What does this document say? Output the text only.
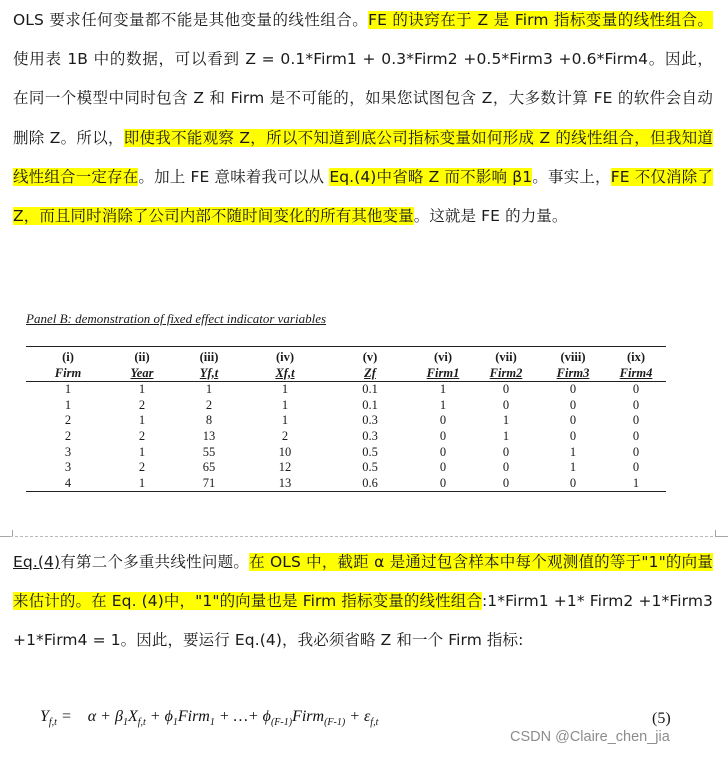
OLS 要求任何变量都不能是其他变量的线性组合。FE 的诀窍在于 Z 是 Firm 指标变量的线性组合。使用表 1B 中的数据，可以看到 Z = 0.1*Firm1 + 0.3*Firm2 +0.5*Firm3 +0.6*Firm4。因此，在同一个模型中同时包含 Z 和 Firm 是不可能的，如果您试图包含 Z，大多数计算 FE 的软件会自动删除 Z。所以，即使我不能观察 Z，所以不知道到底公司指标变量如何形成 Z 的线性组合，但我知道线性组合一定存在。加上 FE 意味着我可以从 Eq.(4)中省略 Z 而不影响 β1。事实上，FE 不仅消除了 Z，而且同时消除了公司内部不随时间变化的所有其他变量。这就是 FE 的力量。

Panel B: demonstration of fixed effect indicator variables
(i)	(ii)	(iii)	(iv)	(v)	(vi)	(vii)	(viii)	(ix)
Firm	Year	Yf,t	Xf,t	Zf	Firm1	Firm2	Firm3	Firm4
1	1	1	1	0.1	1	0	0	0
1	2	2	1	0.1	1	0	0	0
2	1	8	1	0.3	0	1	0	0
2	2	13	2	0.3	0	1	0	0
3	1	55	10	0.5	0	0	1	0
3	2	65	12	0.5	0	0	1	0
4	1	71	13	0.6	0	0	0	1

Eq.(4)有第二个多重共线性问题。在 OLS 中，截距 α 是通过包含样本中每个观测值的等于"1"的向量来估计的。在 Eq. (4)中，"1"的向量也是 Firm 指标变量的线性组合:1*Firm1 +1* Firm2 +1*Firm3 +1*Firm4 = 1。因此，要运行 Eq.(4)，我必须省略 Z 和一个 Firm 指标:

$Y_{f,t}$ =    $\alpha + \beta_1X_{f,t}$ + $\phi_1Firm_1$ + …+ $\phi_{(F-1)}Firm_{(F-1)} + \varepsilon_{f,t}$	(5)
CSDN @Claire_chen_jia
